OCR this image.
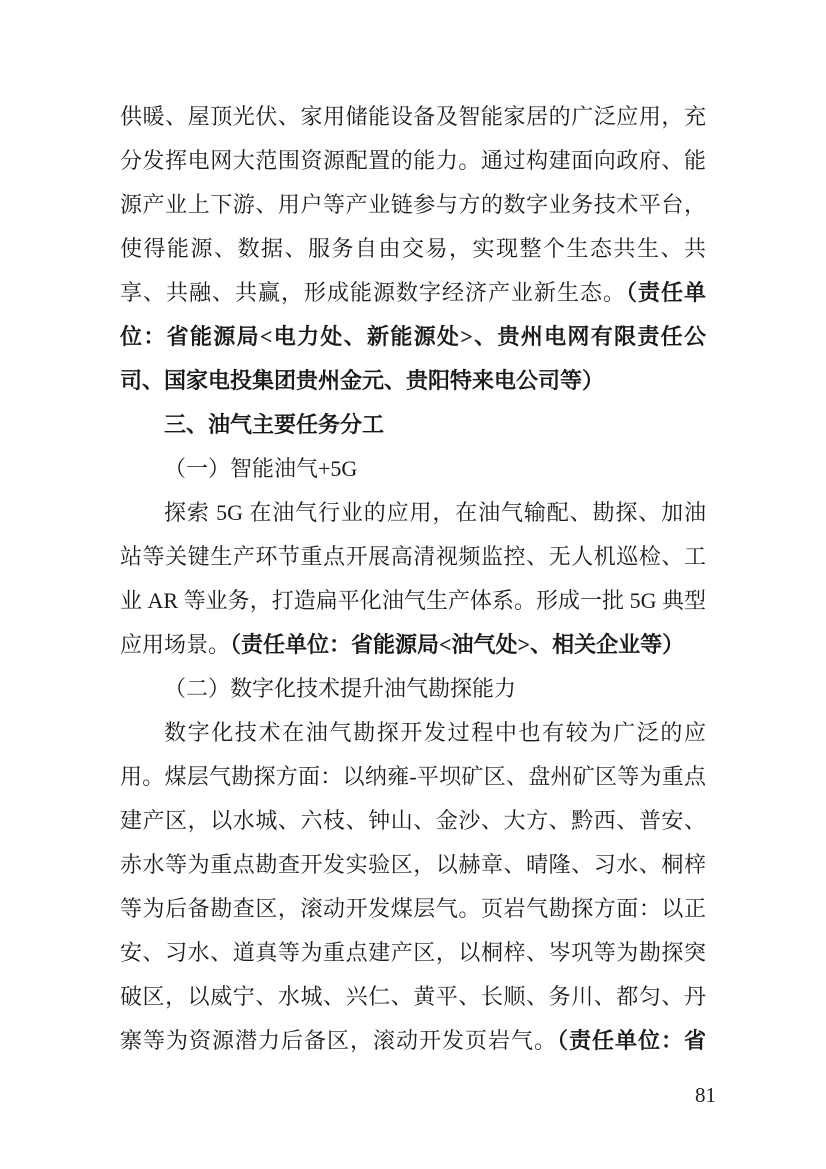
供暖、屋顶光伏、家用储能设备及智能家居的广泛应用，充分发挥电网大范围资源配置的能力。通过构建面向政府、能源产业上下游、用户等产业链参与方的数字业务技术平台，使得能源、数据、服务自由交易，实现整个生态共生、共享、共融、共赢，形成能源数字经济产业新生态。（责任单位：省能源局<电力处、新能源处>、贵州电网有限责任公司、国家电投集团贵州金元、贵阳特来电公司等）

三、油气主要任务分工

（一）智能油气+5G

探索 5G 在油气行业的应用，在油气输配、勘探、加油站等关键生产环节重点开展高清视频监控、无人机巡检、工业 AR 等业务，打造扁平化油气生产体系。形成一批 5G 典型应用场景。（责任单位：省能源局<油气处>、相关企业等）

（二）数字化技术提升油气勘探能力

数字化技术在油气勘探开发过程中也有较为广泛的应用。煤层气勘探方面：以纳雍-平坝矿区、盘州矿区等为重点建产区，以水城、六枝、钟山、金沙、大方、黔西、普安、赤水等为重点勘查开发实验区，以赫章、晴隆、习水、桐梓等为后备勘查区，滚动开发煤层气。页岩气勘探方面：以正安、习水、道真等为重点建产区，以桐梓、岑巩等为勘探突破区，以威宁、水城、兴仁、黄平、长顺、务川、都匀、丹寨等为资源潜力后备区，滚动开发页岩气。（责任单位：省

81
